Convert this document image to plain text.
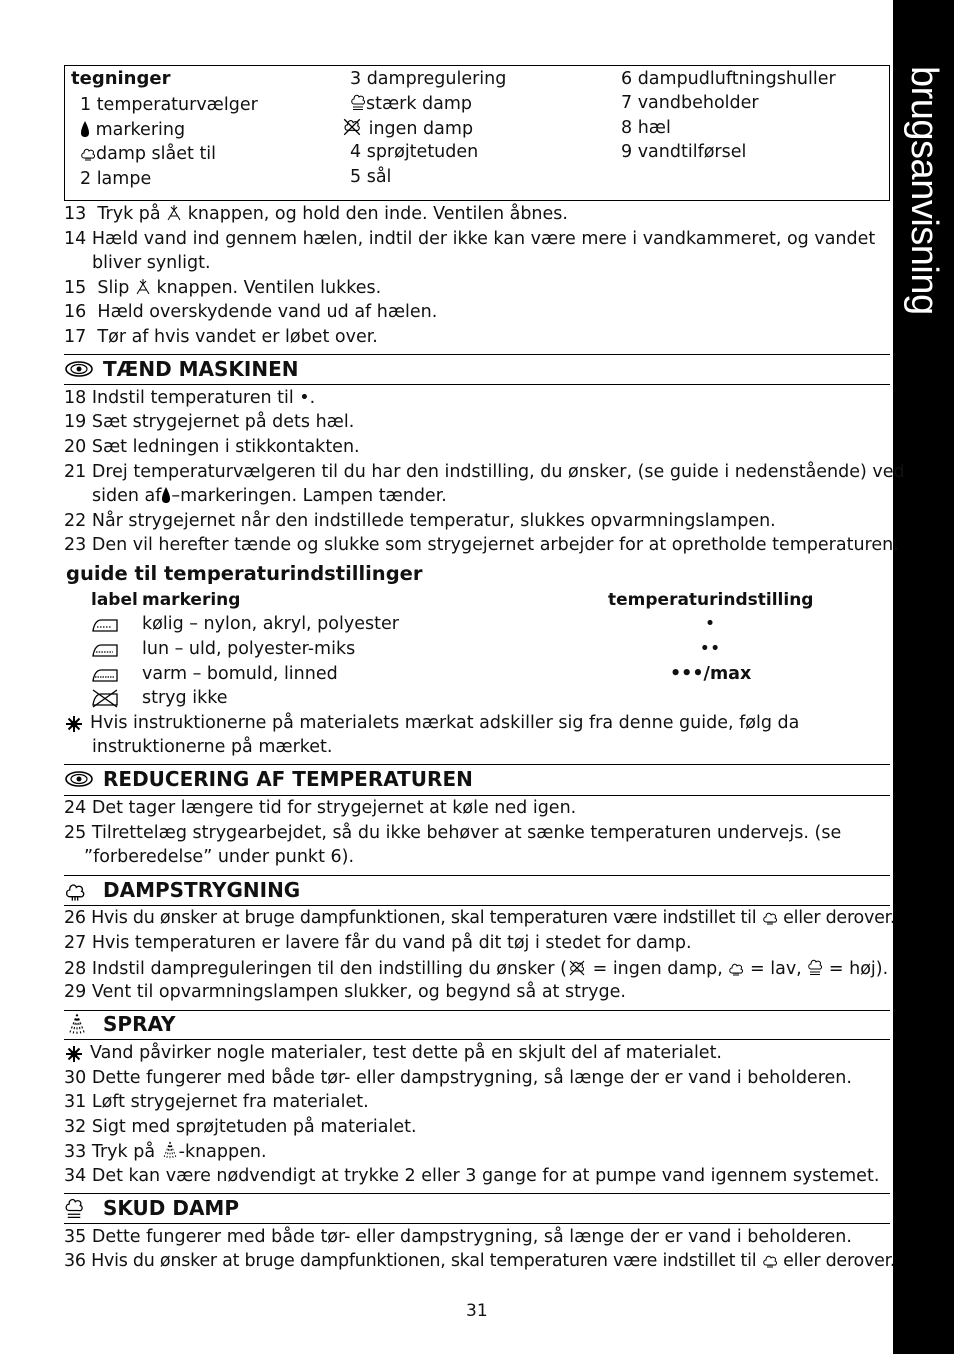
brugsanvisning
tegninger
1 temperaturvælger
markering
damp slået til
2 lampe
3 dampregulering
stærk damp
ingen damp
4 sprøjtetuden
5 sål
6 dampudluftningshuller
7 vandbeholder
8 hæl
9 vandtilførsel
13 Tryk på knappen, og hold den inde. Ventilen åbnes.
14 Hæld vand ind gennem hælen, indtil der ikke kan være mere i vandkammeret, og vandet
bliver synligt.
15 Slip knappen. Ventilen lukkes.
16 Hæld overskydende vand ud af hælen.
17 Tør af hvis vandet er løbet over.
TÆND MASKINEN
18 Indstil temperaturen til •.
19 Sæt strygejernet på dets hæl.
20 Sæt ledningen i stikkontakten.
21 Drej temperaturvælgeren til du har den indstilling, du ønsker, (se guide i nedenstående) ved
siden af –markeringen. Lampen tænder.
22 Når strygejernet når den indstillede temperatur, slukkes opvarmningslampen.
23 Den vil herefter tænde og slukke som strygejernet arbejder for at opretholde temperaturen.
guide til temperaturindstillinger
label markering	temperaturindstilling
kølig – nylon, akryl, polyester	•
lun – uld, polyester-miks	••
varm – bomuld, linned	•••/max
stryg ikke
Hvis instruktionerne på materialets mærkat adskiller sig fra denne guide, følg da
instruktionerne på mærket.
REDUCERING AF TEMPERATUREN
24 Det tager længere tid for strygejernet at køle ned igen.
25 Tilrettelæg strygearbejdet, så du ikke behøver at sænke temperaturen undervejs. (se
”forberedelse” under punkt 6).
DAMPSTRYGNING
26 Hvis du ønsker at bruge dampfunktionen, skal temperaturen være indstillet til eller derover.
27 Hvis temperaturen er lavere får du vand på dit tøj i stedet for damp.
28 Indstil dampreguleringen til den indstilling du ønsker ( = ingen damp, = lav, = høj).
29 Vent til opvarmningslampen slukker, og begynd så at stryge.
SPRAY
Vand påvirker nogle materialer, test dette på en skjult del af materialet.
30 Dette fungerer med både tør- eller dampstrygning, så længe der er vand i beholderen.
31 Løft strygejernet fra materialet.
32 Sigt med sprøjtetuden på materialet.
33 Tryk på -knappen.
34 Det kan være nødvendigt at trykke 2 eller 3 gange for at pumpe vand igennem systemet.
SKUD DAMP
35 Dette fungerer med både tør- eller dampstrygning, så længe der er vand i beholderen.
36 Hvis du ønsker at bruge dampfunktionen, skal temperaturen være indstillet til eller derover.
31
